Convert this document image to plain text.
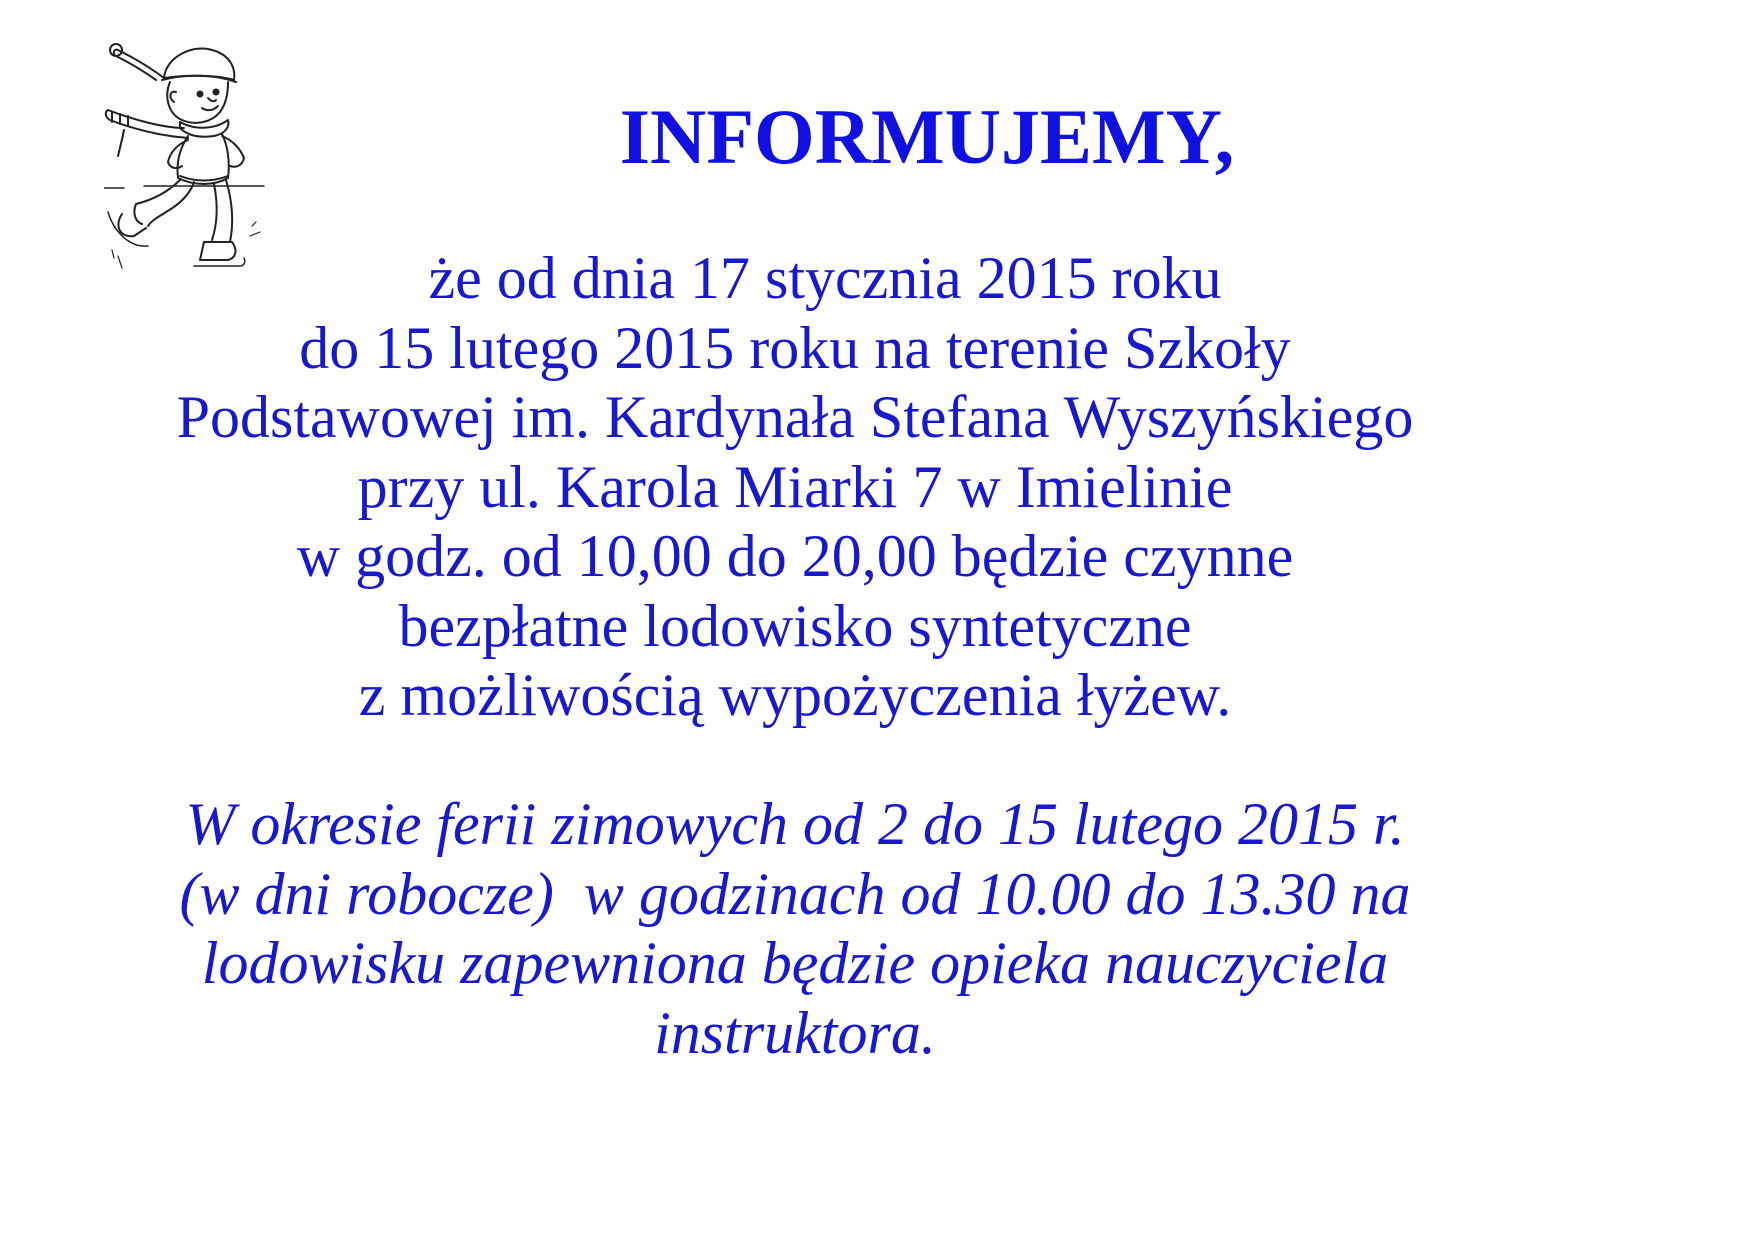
INFORMUJEMY,
że od dnia 17 stycznia 2015 roku
do 15 lutego 2015 roku na terenie Szkoły
Podstawowej im. Kardynała Stefana Wyszyńskiego
przy ul. Karola Miarki 7 w Imielinie
w godz. od 10,00 do 20,00 będzie czynne
bezpłatne lodowisko syntetyczne
z możliwością wypożyczenia łyżew.
W okresie ferii zimowych od 2 do 15 lutego 2015 r.
(w dni robocze)  w godzinach od 10.00 do 13.30 na
lodowisku zapewniona będzie opieka nauczyciela
instruktora.
